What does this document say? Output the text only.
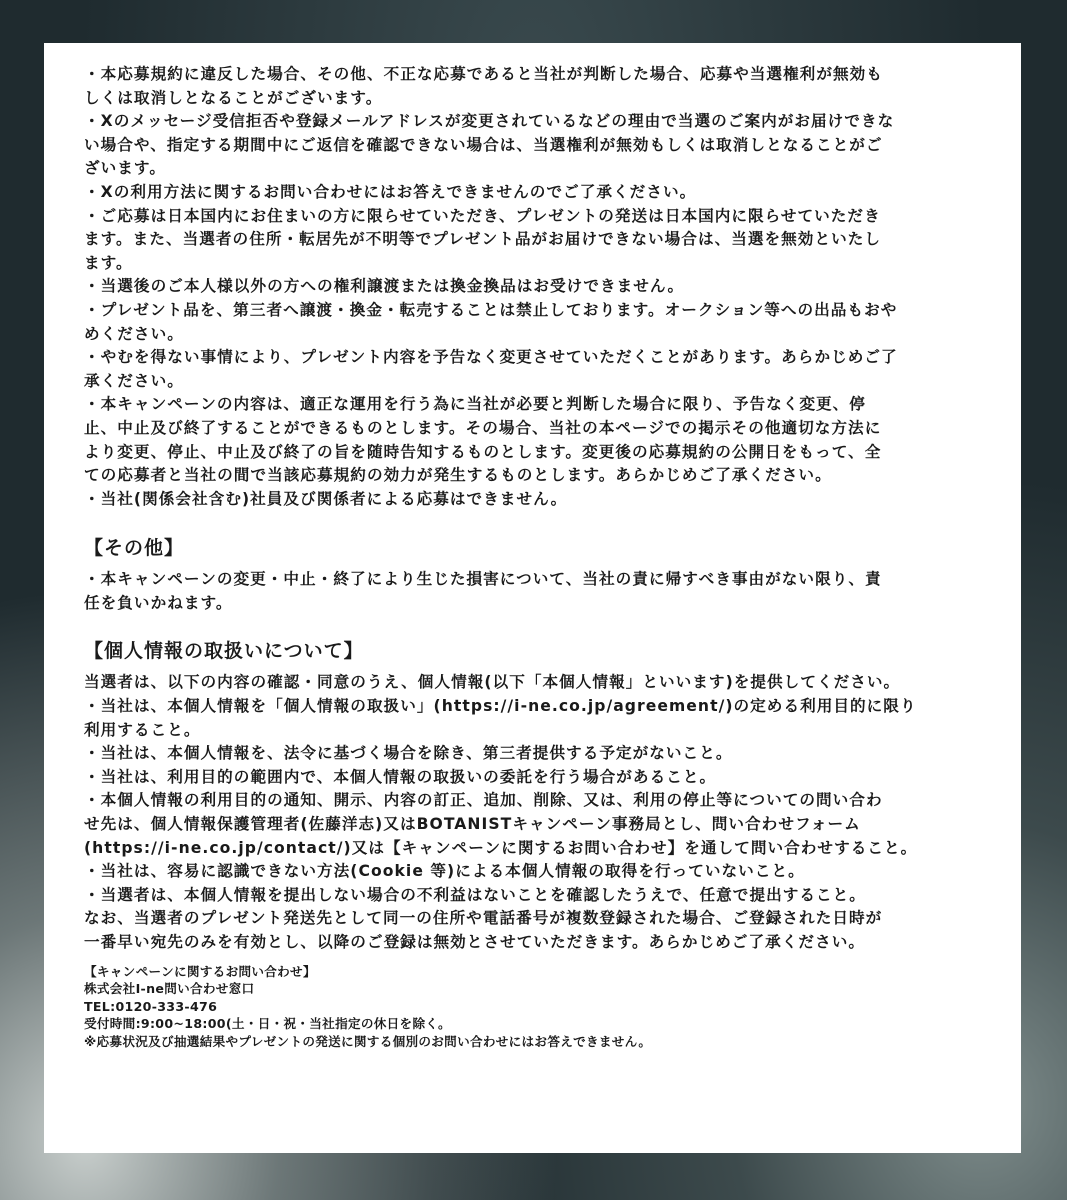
・本応募規約に違反した場合、その他、不正な応募であると当社が判断した場合、応募や当選権利が無効も

しくは取消しとなることがございます。

・Xのメッセージ受信拒否や登録メールアドレスが変更されているなどの理由で当選のご案内がお届けできな

い場合や、指定する期間中にご返信を確認できない場合は、当選権利が無効もしくは取消しとなることがご

ざいます。

・Xの利用方法に関するお問い合わせにはお答えできませんのでご了承ください。

・ご応募は日本国内にお住まいの方に限らせていただき、プレゼントの発送は日本国内に限らせていただき

ます。また、当選者の住所・転居先が不明等でプレゼント品がお届けできない場合は、当選を無効といたし

ます。

・当選後のご本人様以外の方への権利譲渡または換金換品はお受けできません。

・プレゼント品を、第三者へ譲渡・換金・転売することは禁止しております。オークション等への出品もおや

めください。

・やむを得ない事情により、プレゼント内容を予告なく変更させていただくことがあります。あらかじめご了

承ください。

・本キャンペーンの内容は、適正な運用を行う為に当社が必要と判断した場合に限り、予告なく変更、停

止、中止及び終了することができるものとします。その場合、当社の本ページでの掲示その他適切な方法に

より変更、停止、中止及び終了の旨を随時告知するものとします。変更後の応募規約の公開日をもって、全

ての応募者と当社の間で当該応募規約の効力が発生するものとします。あらかじめご了承ください。

・当社(関係会社含む)社員及び関係者による応募はできません。

【その他】

・本キャンペーンの変更・中止・終了により生じた損害について、当社の責に帰すべき事由がない限り、責

任を負いかねます。

【個人情報の取扱いについて】

当選者は、以下の内容の確認・同意のうえ、個人情報(以下「本個人情報」といいます)を提供してください。

・当社は、本個人情報を「個人情報の取扱い」(https://i-ne.co.jp/agreement/)の定める利用目的に限り

利用すること。

・当社は、本個人情報を、法令に基づく場合を除き、第三者提供する予定がないこと。

・当社は、利用目的の範囲内で、本個人情報の取扱いの委託を行う場合があること。

・本個人情報の利用目的の通知、開示、内容の訂正、追加、削除、又は、利用の停止等についての問い合わ

せ先は、個人情報保護管理者(佐藤洋志)又はBOTANISTキャンペーン事務局とし、問い合わせフォーム

(https://i-ne.co.jp/contact/)又は【キャンペーンに関するお問い合わせ】を通して問い合わせすること。

・当社は、容易に認識できない方法(Cookie 等)による本個人情報の取得を行っていないこと。

・当選者は、本個人情報を提出しない場合の不利益はないことを確認したうえで、任意で提出すること。

なお、当選者のプレゼント発送先として同一の住所や電話番号が複数登録された場合、ご登録された日時が

一番早い宛先のみを有効とし、以降のご登録は無効とさせていただきます。あらかじめご了承ください。

【キャンペーンに関するお問い合わせ】

株式会社I-ne問い合わせ窓口

TEL:0120-333-476

受付時間:9:00~18:00(土・日・祝・当社指定の休日を除く。

※応募状況及び抽選結果やプレゼントの発送に関する個別のお問い合わせにはお答えできません。
